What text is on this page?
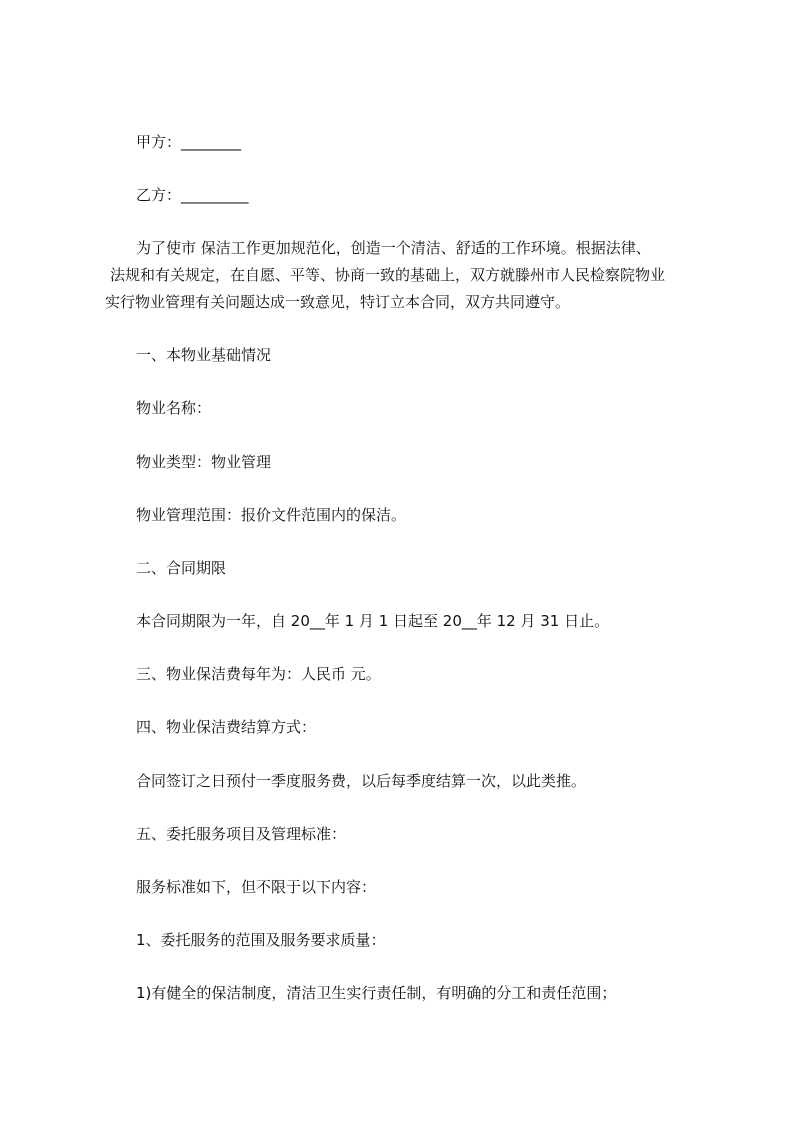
甲方：________
乙方：_________
为了使市 保洁工作更加规范化，创造一个清洁、舒适的工作环境。根据法律、
法规和有关规定，在自愿、平等、协商一致的基础上，双方就滕州市人民检察院物业
实行物业管理有关问题达成一致意见，特订立本合同，双方共同遵守。
一、本物业基础情况
物业名称：
物业类型：物业管理
物业管理范围：报价文件范围内的保洁。
二、合同期限
本合同期限为一年，自 20__年 1 月 1 日起至 20__年 12 月 31 日止。
三、物业保洁费每年为：人民币 元。
四、物业保洁费结算方式：
合同签订之日预付一季度服务费，以后每季度结算一次，以此类推。
五、委托服务项目及管理标准：
服务标准如下，但不限于以下内容：
1、委托服务的范围及服务要求质量：
1)有健全的保洁制度，清洁卫生实行责任制，有明确的分工和责任范围；
